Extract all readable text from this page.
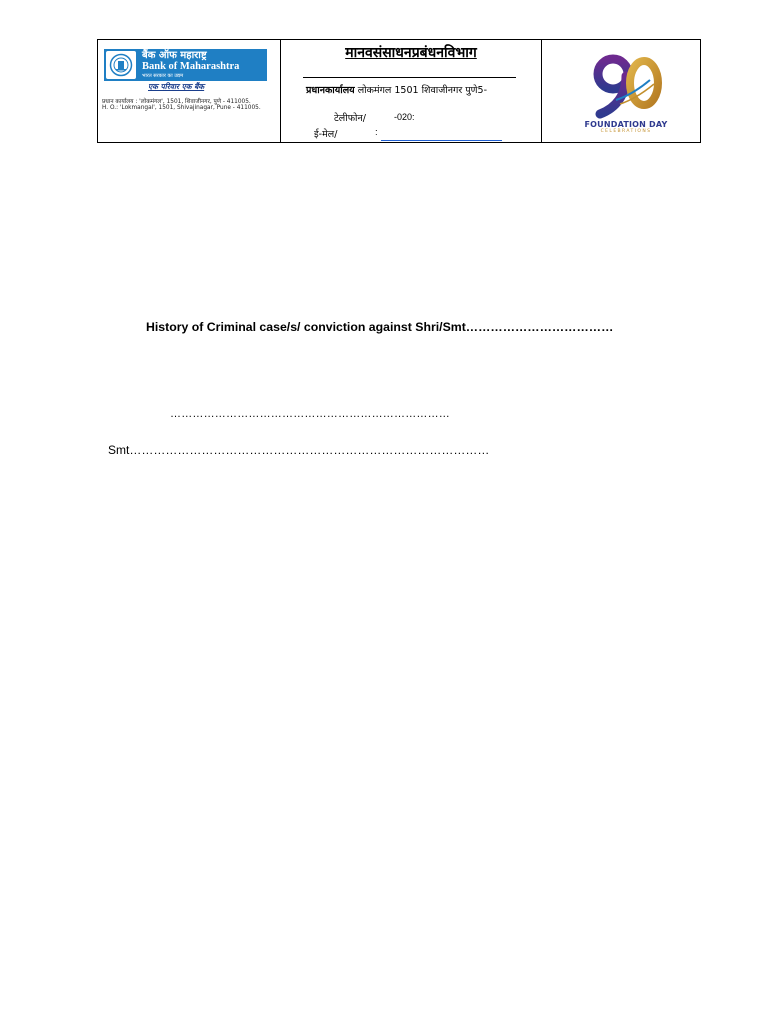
बैंक ऑफ महाराष्ट्र
Bank of Maharashtra
भारत सरकार का उद्यम
एक परिवार एक बैंक
प्रधान कार्यालय : 'लोकमंगल', 1501, शिवाजीनगर, पुणे - 411005.
H. O.: 'Lokmangal', 1501, Shivajinagar, Pune - 411005.
मानवसंसाधनप्रबंधनविभाग
प्रधानकार्यालय लोकमंगल 1501 शिवाजीनगर पुणे5-
टेलीफोन/	-020:
ई-मेल/	:
FOUNDATION DAY
CELEBRATIONS
History of Criminal case/s/ conviction against Shri/Smt………………………………
…………………………………………………………………
Smt………………………………………………………………………………
